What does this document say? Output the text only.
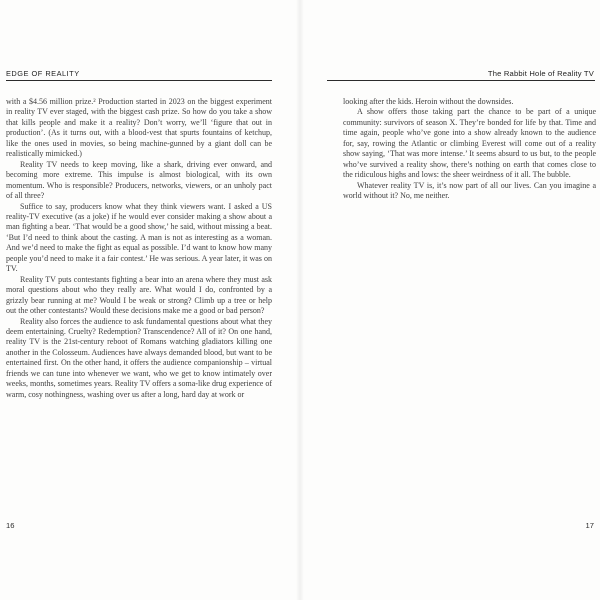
EDGE OF REALITY

with a $4.56 million prize.² Production started in 2023 on the biggest experiment in reality TV ever staged, with the biggest cash prize. So how do you take a show that kills people and make it a reality? Don’t worry, we’ll ‘figure that out in production’. (As it turns out, with a blood-vest that spurts fountains of ketchup, like the ones used in movies, so being machine-gunned by a giant doll can be realistically mimicked.)

Reality TV needs to keep moving, like a shark, driving ever onward, and becoming more extreme. This impulse is almost biological, with its own momentum. Who is responsible? Producers, networks, viewers, or an unholy pact of all three?

Suffice to say, producers know what they think viewers want. I asked a US reality-TV executive (as a joke) if he would ever consider making a show about a man fighting a bear. ‘That would be a good show,’ he said, without missing a beat. ‘But I’d need to think about the casting. A man is not as interesting as a woman. And we’d need to make the fight as equal as possible. I’d want to know how many people you’d need to make it a fair contest.’ He was serious. A year later, it was on TV.

Reality TV puts contestants fighting a bear into an arena where they must ask moral questions about who they really are. What would I do, confronted by a grizzly bear running at me? Would I be weak or strong? Climb up a tree or help out the other contestants? Would these decisions make me a good or bad person?

Reality also forces the audience to ask fundamental questions about what they deem entertaining. Cruelty? Redemption? Transcendence? All of it? On one hand, reality TV is the 21st-century reboot of Romans watching gladiators killing one another in the Colosseum. Audiences have always demanded blood, but want to be entertained first. On the other hand, it offers the audience companionship – virtual friends we can tune into whenever we want, who we get to know intimately over weeks, months, sometimes years. Reality TV offers a soma-like drug experience of warm, cosy nothingness, washing over us after a long, hard day at work or

16
The Rabbit Hole of Reality TV

looking after the kids. Heroin without the downsides.

A show offers those taking part the chance to be part of a unique community: survivors of season X. They’re bonded for life by that. Time and time again, people who’ve gone into a show already known to the audience for, say, rowing the Atlantic or climbing Everest will come out of a reality show saying, ‘That was more intense.’ It seems absurd to us but, to the people who’ve survived a reality show, there’s nothing on earth that comes close to the ridiculous highs and lows: the sheer weirdness of it all. The bubble.

Whatever reality TV is, it’s now part of all our lives. Can you imagine a world without it? No, me neither.

17
